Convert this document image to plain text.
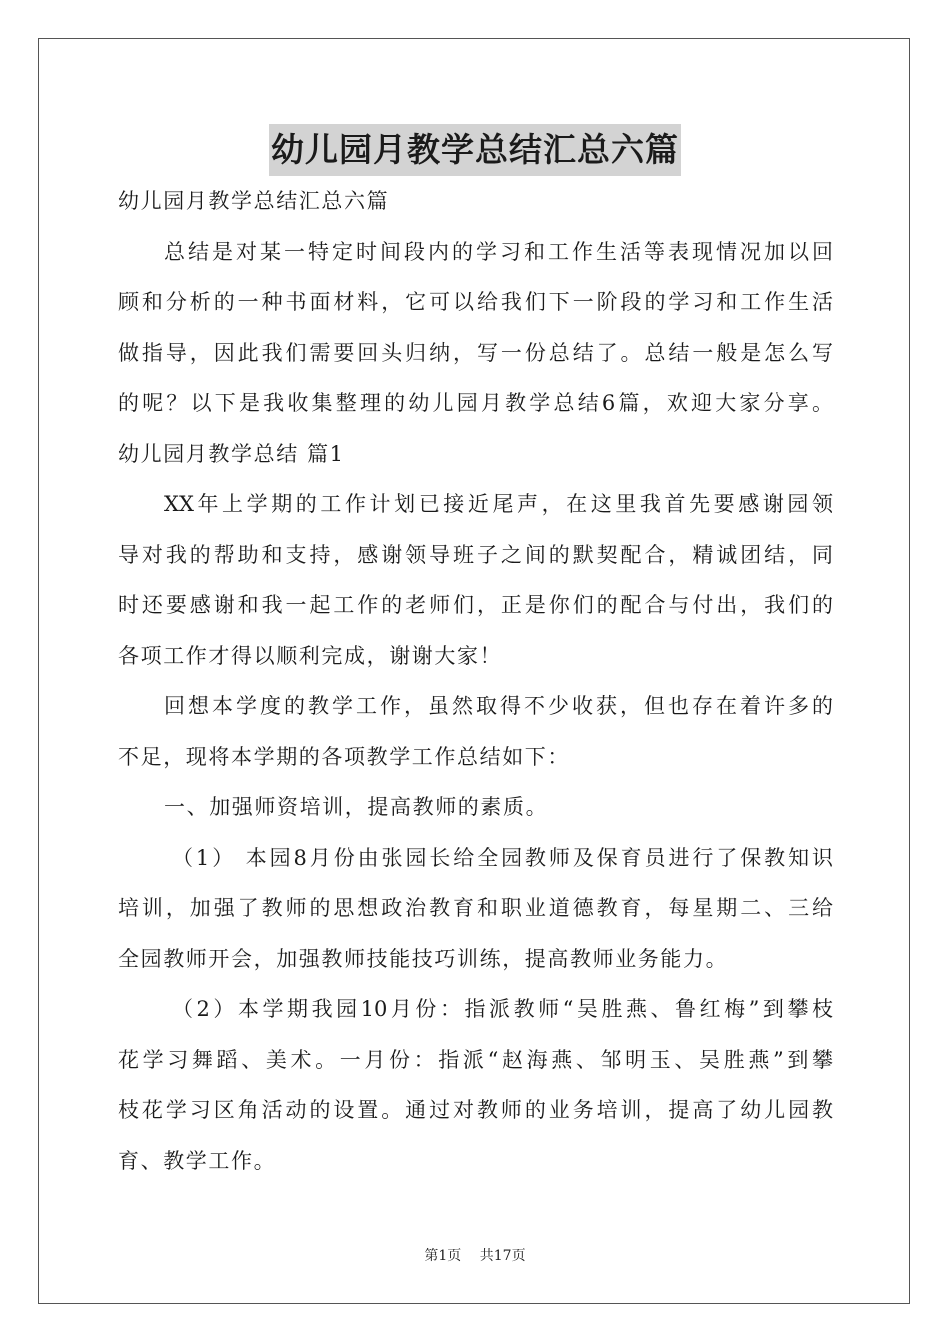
幼儿园月教学总结汇总六篇
幼儿园月教学总结汇总六篇
总结是对某一特定时间段内的学习和工作生活等表现情况加以回
顾和分析的一种书面材料，它可以给我们下一阶段的学习和工作生活
做指导，因此我们需要回头归纳，写一份总结了。总结一般是怎么写
的呢？以下是我收集整理的幼儿园月教学总结6篇，欢迎大家分享。
幼儿园月教学总结 篇1
XX年上学期的工作计划已接近尾声，在这里我首先要感谢园领
导对我的帮助和支持，感谢领导班子之间的默契配合，精诚团结，同
时还要感谢和我一起工作的老师们，正是你们的配合与付出，我们的
各项工作才得以顺利完成，谢谢大家！
回想本学度的教学工作，虽然取得不少收获，但也存在着许多的
不足，现将本学期的各项教学工作总结如下：
一、加强师资培训，提高教师的素质。
（1） 本园8月份由张园长给全园教师及保育员进行了保教知识
培训，加强了教师的思想政治教育和职业道德教育，每星期二、三给
全园教师开会，加强教师技能技巧训练，提高教师业务能力。
（2）本学期我园10月份：指派教师“吴胜燕、鲁红梅”到攀枝
花学习舞蹈、美术。一月份：指派“赵海燕、邹明玉、吴胜燕”到攀
枝花学习区角活动的设置。通过对教师的业务培训，提高了幼儿园教
育、教学工作。
第1页 共17页
